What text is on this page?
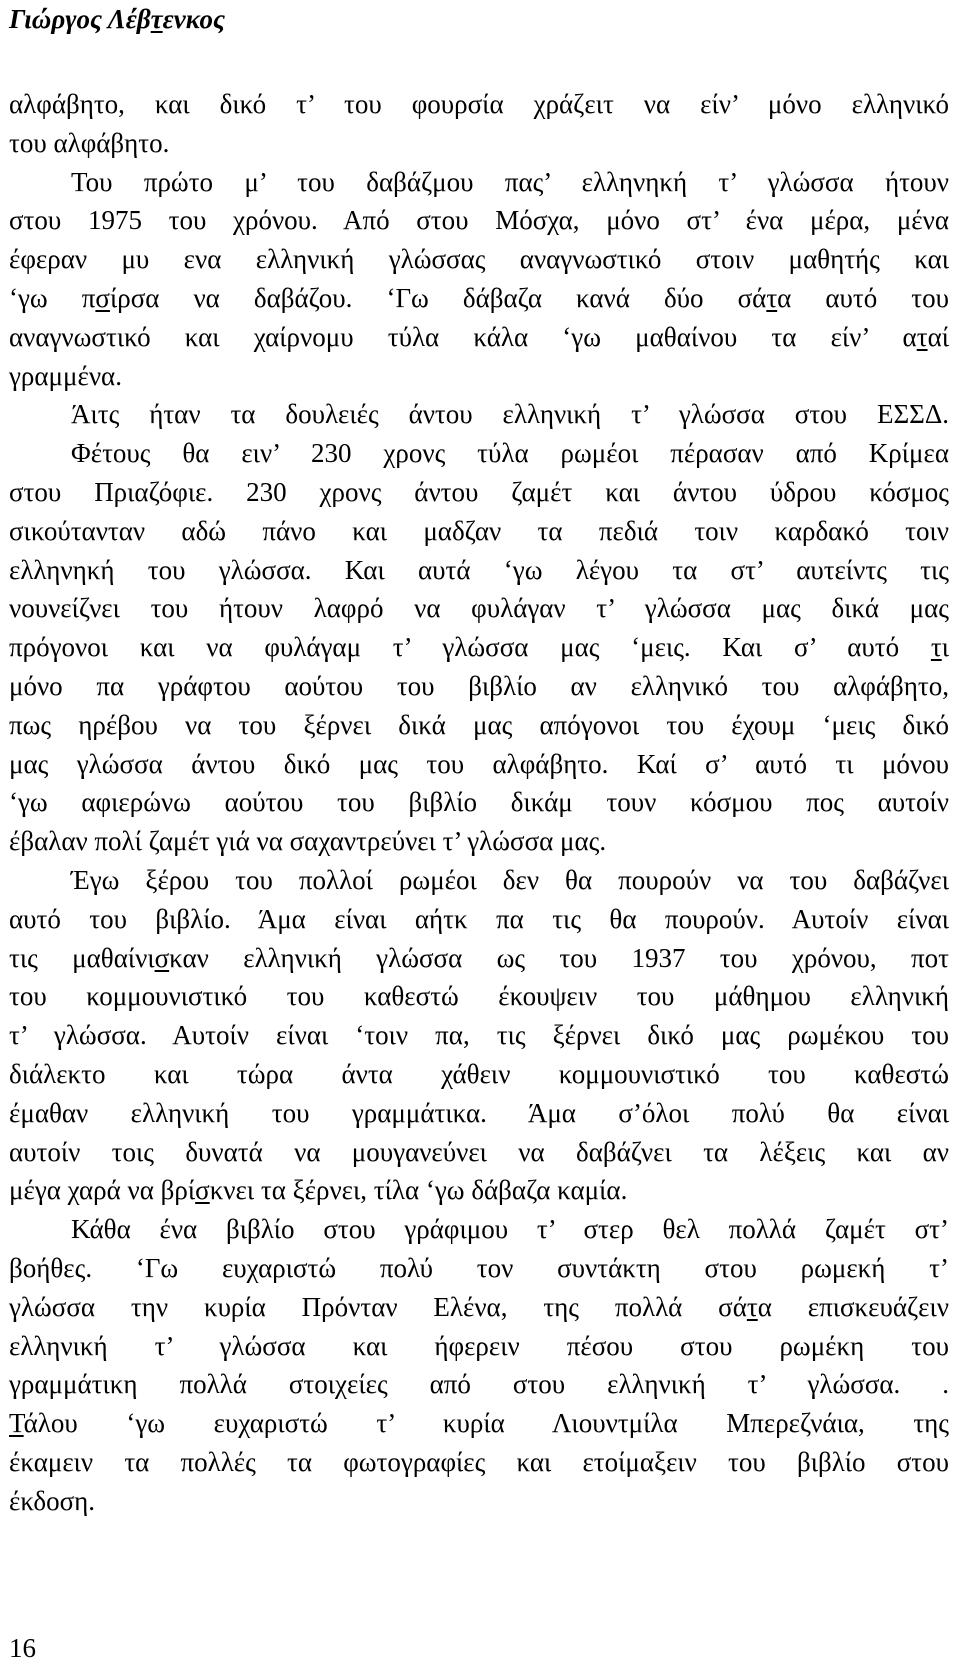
Γιώργος Λέβτενκος
αλφάβητο, και δικό τ’ του φουρσία χράζειτ να είν’ μόνο ελληνικό
του αλφάβητο.
Του πρώτο μ’ του δαβάζμου πας’ ελληνηκή τ’ γλώσσα ήτουν
στου 1975 του χρόνου. Από στου Μόσχα, μόνο στ’ ένα μέρα, μένα
έφεραν μυ ενα ελληνική γλώσσας αναγνωστικό στοιν μαθητής και
‘γω πσίρσα να δαβάζου. ‘Γω δάβαζα κανά δύο σάτα αυτό του
αναγνωστικό και χαίρνομυ τύλα κάλα ‘γω μαθαίνου τα είν’ αταί
γραμμένα.
Άιτς ήταν τα δουλειές άντου ελληνική τ’ γλώσσα στου ΕΣΣΔ.
Φέτους θα ειν’ 230 χρονς τύλα ρωμέοι πέρασαν από Κρίμεα
στου Πριαζόφιε. 230 χρονς άντου ζαμέτ και άντου ύδρου κόσμος
σικούτανταν αδώ πάνο και μαδζαν τα πεδιά τοιν καρδακό τοιν
ελληνηκή του γλώσσα. Και αυτά ‘γω λέγου τα στ’ αυτείντς τις
νουνείζνει του ήτουν λαφρό να φυλάγαν τ’ γλώσσα μας δικά μας
πρόγονοι και να φυλάγαμ τ’ γλώσσα μας ‘μεις. Και σ’ αυτό τι
μόνο πα γράφτου αούτου του βιβλίο αν ελληνικό του αλφάβητο,
πως ηρέβου να του ξέρνει δικά μας απόγονοι του έχουμ ‘μεις δικό
μας γλώσσα άντου δικό μας του αλφάβητο. Καί σ’ αυτό τι μόνου
‘γω αφιερώνω αούτου του βιβλίο δικάμ τουν κόσμου πος αυτοίν
έβαλαν πολί ζαμέτ γιά να σαχαντρεύνει τ’ γλώσσα μας.
Έγω ξέρου του πολλοί ρωμέοι δεν θα πουρούν να του δαβάζνει
αυτό του βιβλίο. Άμα είναι αήτκ πα τις θα πουρούν. Αυτοίν είναι
τις μαθαίνισκαν ελληνική γλώσσα ως του 1937 του χρόνου, ποτ
του κομμουνιστικό του καθεστώ έκουψειν του μάθημου ελληνική
τ’ γλώσσα. Αυτοίν είναι ‘τοιν πα, τις ξέρνει δικό μας ρωμέκου του
διάλεκτο και τώρα άντα χάθειν κομμουνιστικό του καθεστώ
έμαθαν ελληνική του γραμμάτικα. Άμα σ’όλοι πολύ θα είναι
αυτοίν τοις δυνατά να μουγανεύνει να δαβάζνει τα λέξεις και αν
μέγα χαρά να βρίσκνει τα ξέρνει, τίλα ‘γω δάβαζα καμία.
Κάθα ένα βιβλίο στου γράφιμου τ’ στερ θελ πολλά ζαμέτ στ’
βοήθες. ‘Γω ευχαριστώ πολύ τον συντάκτη στου ρωμεκή τ’
γλώσσα την κυρία Πρόνταν Ελένα, της πολλά σάτα επισκευάζειν
ελληνική τ’ γλώσσα και ήφερειν πέσου στου ρωμέκη του
γραμμάτικη πολλά στοιχείες από στου ελληνική τ’ γλώσσα. .
Τάλου ‘γω ευχαριστώ τ’ κυρία Λιουντμίλα Μπερεζνάια, της
έκαμειν τα πολλές τα φωτογραφίες και ετοίμαξειν του βιβλίο στου
έκδοση.
16
